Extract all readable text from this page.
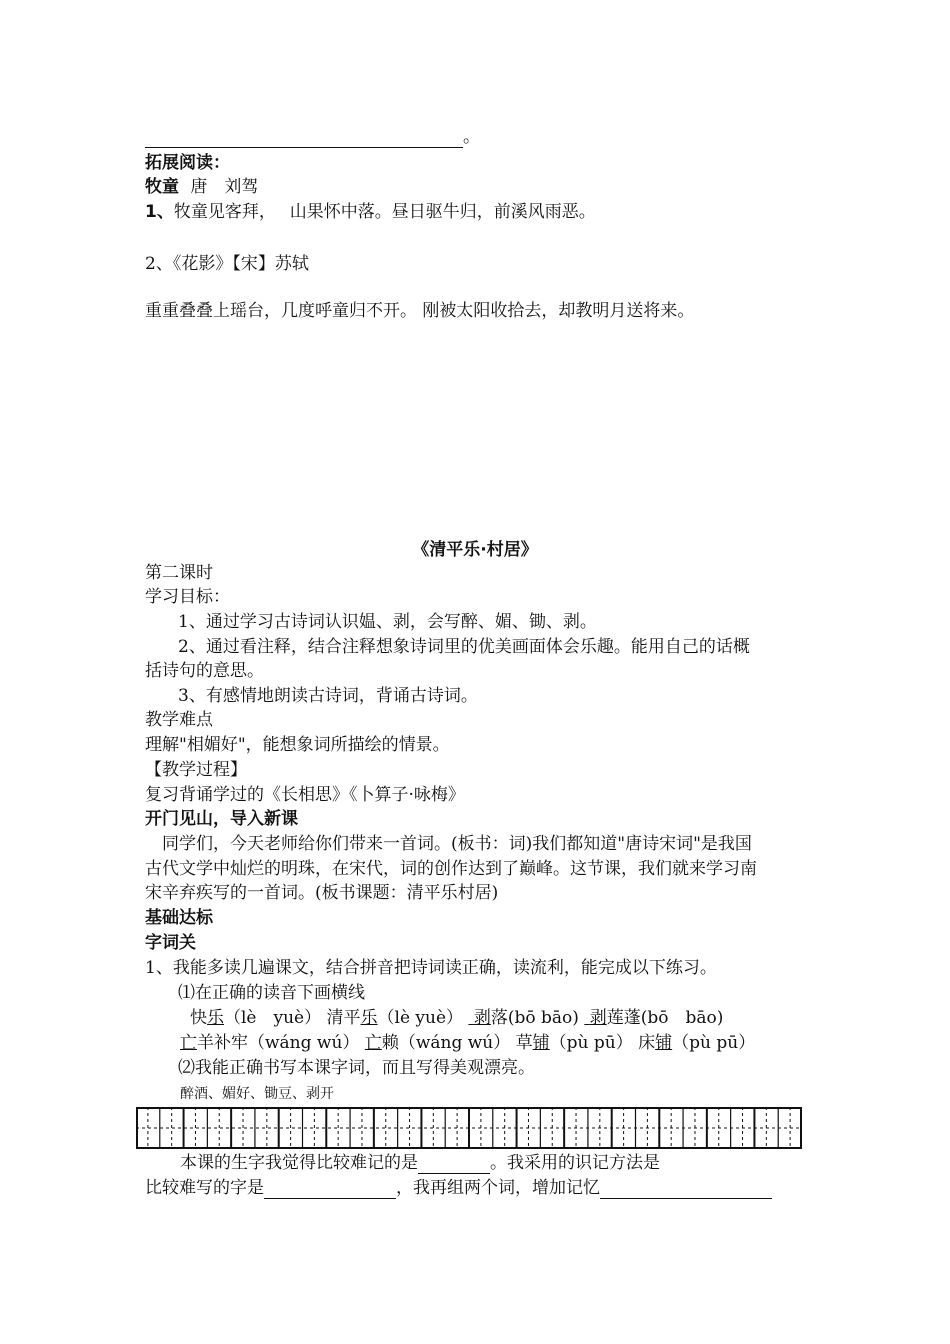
。
拓展阅读：
牧童 唐　刘驾
1、牧童见客拜，　 山果怀中落。昼日驱牛归，前溪风雨恶。
2、《花影》【宋】苏轼
重重叠叠上瑶台，几度呼童归不开。 刚被太阳收拾去，却教明月送将来。
《清平乐·村居》
第二课时
学习目标：
1、通过学习古诗词认识媪、剥，会写醉、媚、锄、剥。
2、通过看注释，结合注释想象诗词里的优美画面体会乐趣。能用自己的话概
括诗句的意思。
3、有感情地朗读古诗词，背诵古诗词。
教学难点
理解"相媚好"，能想象词所描绘的情景。
【教学过程】
复习背诵学过的《长相思》《卜算子·咏梅》
开门见山，导入新课
同学们，今天老师给你们带来一首词。(板书：词)我们都知道"唐诗宋词"是我国
古代文学中灿烂的明珠，在宋代，词的创作达到了巅峰。这节课，我们就来学习南
宋辛弃疾写的一首词。(板书课题：清平乐村居)
基础达标
字词关
1、我能多读几遍课文，结合拼音把诗词读正确，读流利，能完成以下练习。
⑴在正确的读音下画横线
快乐（lè　yuè） 清平乐（lè yuè） 剥落(bō bāo) 剥莲蓬(bō　bāo)
亡羊补牢（wáng wú） 亡赖（wáng wú） 草铺（pù pū） 床铺（pù pū）
⑵我能正确书写本课字词，而且写得美观漂亮。
醉酒、媚好、锄豆、剥开
本课的生字我觉得比较难记的是	。我采用的识记方法是
比较难写的字是	，我再组两个词，增加记忆
